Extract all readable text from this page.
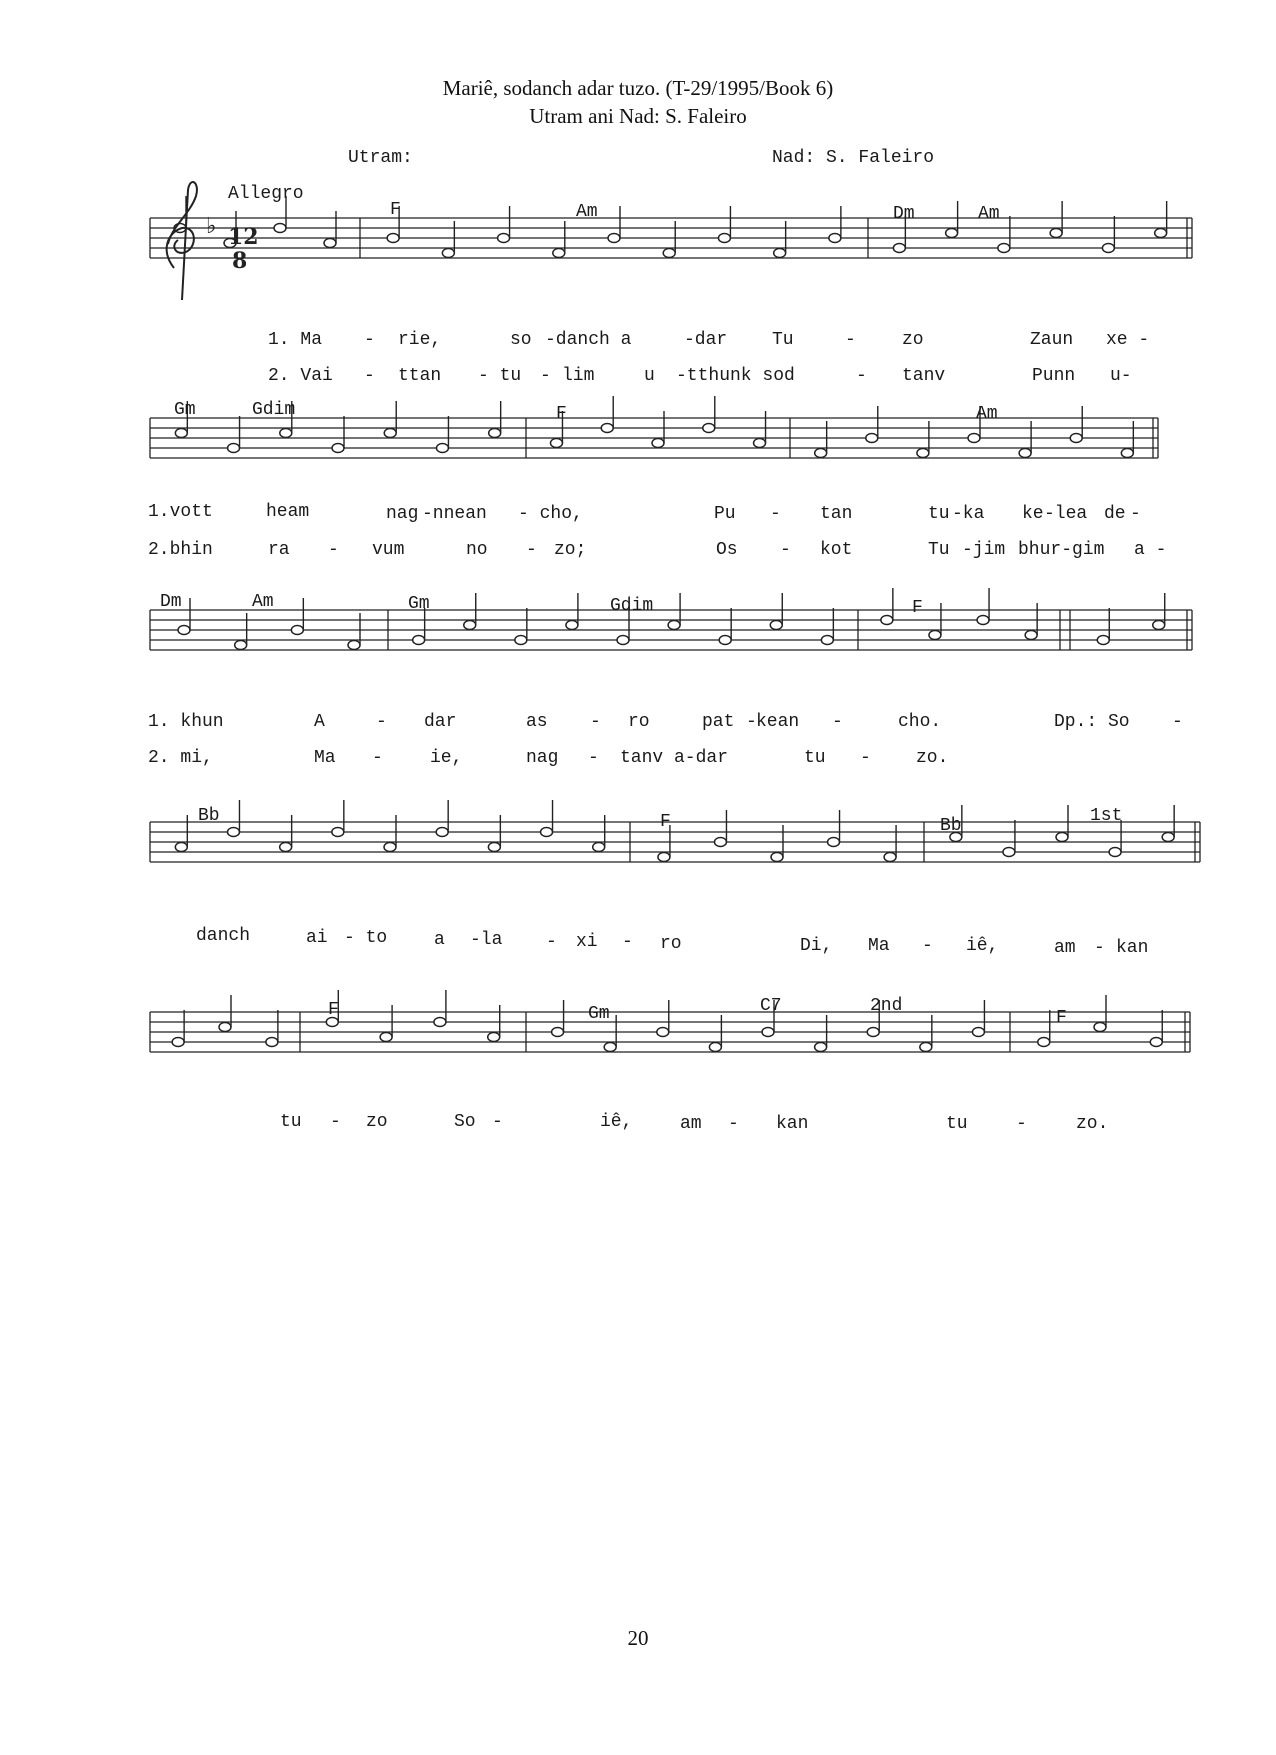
Mariê, sodanch adar tuzo. (T-29/1995/Book 6)
Utram ani Nad: S. Faleiro
Utram:	Nad: S. Faleiro
Allegro
♭ 12 8
F	Am	Dm	Am
1. Ma - rie,	so -danch a	-dar Tu	-	zo	Zaun xe -
2. Vai - ttan - tu - lim	u -tthunk sod	- tanv	Punn u-
Gm	Gdim	F	Am
1.vott	heam	nag -nnean - cho,	Pu - tan	tu -ka ke -lea de -
2.bhin	ra - vum	no - zo;	Os - kot	Tu -jim bhur-gim a -
Dm	Am	Gm	Gdim	F
1. khun	A	- dar	as - ro	pat - kean -	cho.	Dp.: So -
2. mi,	Ma -	ie,	nag - tanv a-dar	tu -	zo.
Bb	F	Bb	1st
danch	ai - to	a -la - xi - ro	Di, Ma - iê,	am - kan
F	Gm	C7
F
2nd
tu - zo	So -	iê,	am - kan	tu	-	zo.
20
